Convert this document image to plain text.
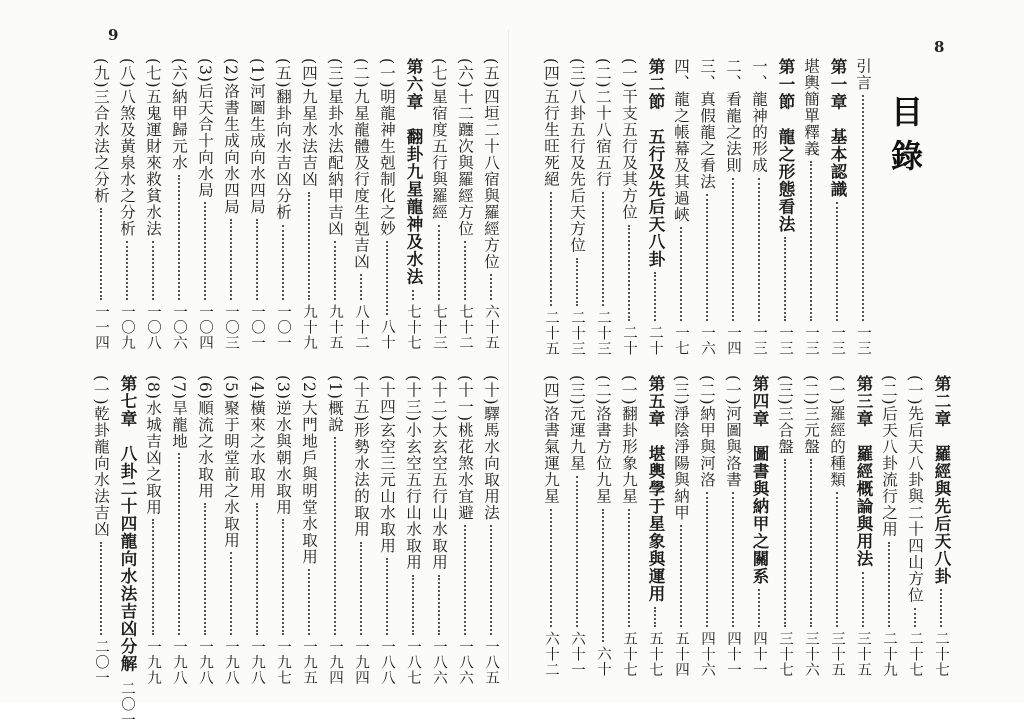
9
(五)四垣二十八宿與羅經方位
六十五
(六)十二躔次與羅經方位
七十二
(七)星宿度五行與羅經
七十三
第六章　翻卦九星龍神及水法
七十七
(一)明龍神生剋制化之妙
八十
(二)九星龍體及行度生剋吉凶
八十二
(三)星卦水法配納甲吉凶
九十五
(四)九星水法吉凶
九十九
(五)翻卦向水吉凶分析
一〇一
(1)河圖生成向水四局
一〇一
(2)洛書生成向水四局
一〇三
(3)后天合十向水局
一〇四
(六)納甲歸元水
一〇六
(七)五鬼運財來救貧水法
一〇八
(八)八煞及黃泉水之分析
一〇九
(九)三合水法之分析
一一四
(十)驛馬水向取用法
一八五
(十一)桃花煞水宜避
一八六
(十二)大玄空五行山水取用
一八六
(十三)小玄空五行山水取用
一八七
(十四)玄空三元山水取用
一八八
(十五)形勢水法的取用
一九四
(1)概說
一九四
(2)大門地戶與明堂水取用
一九五
(3)逆水與朝水取用
一九七
(4)橫來之水取用
一九八
(5)聚于明堂前之水取用
一九八
(6)順流之水取用
一九八
(7)旱龍地
一九八
(8)水城吉凶之取用
一九九
第七章　八卦二十四龍向水法吉凶分解
二〇一
(一)乾卦龍向水法吉凶
二〇一
8
目錄
引言
一三
第一章　基本認識
一三
堪輿簡單釋義
一三
第一節　龍之形態看法
一三
一、龍神的形成
一三
二、看龍之法則
一四
三、真假龍之看法
一六
四、龍之帳幕及其過峽
一七
第二節　五行及先后天八卦
二十
(一)干支五行及其方位
二十
(二)二十八宿五行
二十三
(三)八卦五行及先后天方位
二十三
(四)五行生旺死絕
二十五
第二章　羅經與先后天八卦
二十七
(一)先后天八卦與二十四山方位
二十七
(二)后天八卦流行之用
二十九
第三章　羅經概論與用法
三十五
(一)羅經的種類
三十五
(二)三元盤
三十六
(三)三合盤
三十七
第四章　圖書與納甲之關系
四十一
(一)河圖與洛書
四十一
(二)納甲與河洛
四十六
(三)淨陰淨陽與納甲
五十四
第五章　堪輿學于星象與運用
五十七
(一)翻卦形象九星
五十七
(二)洛書方位九星
六十
(三)元運九星
六十一
(四)洛書氣運九星
六十二
